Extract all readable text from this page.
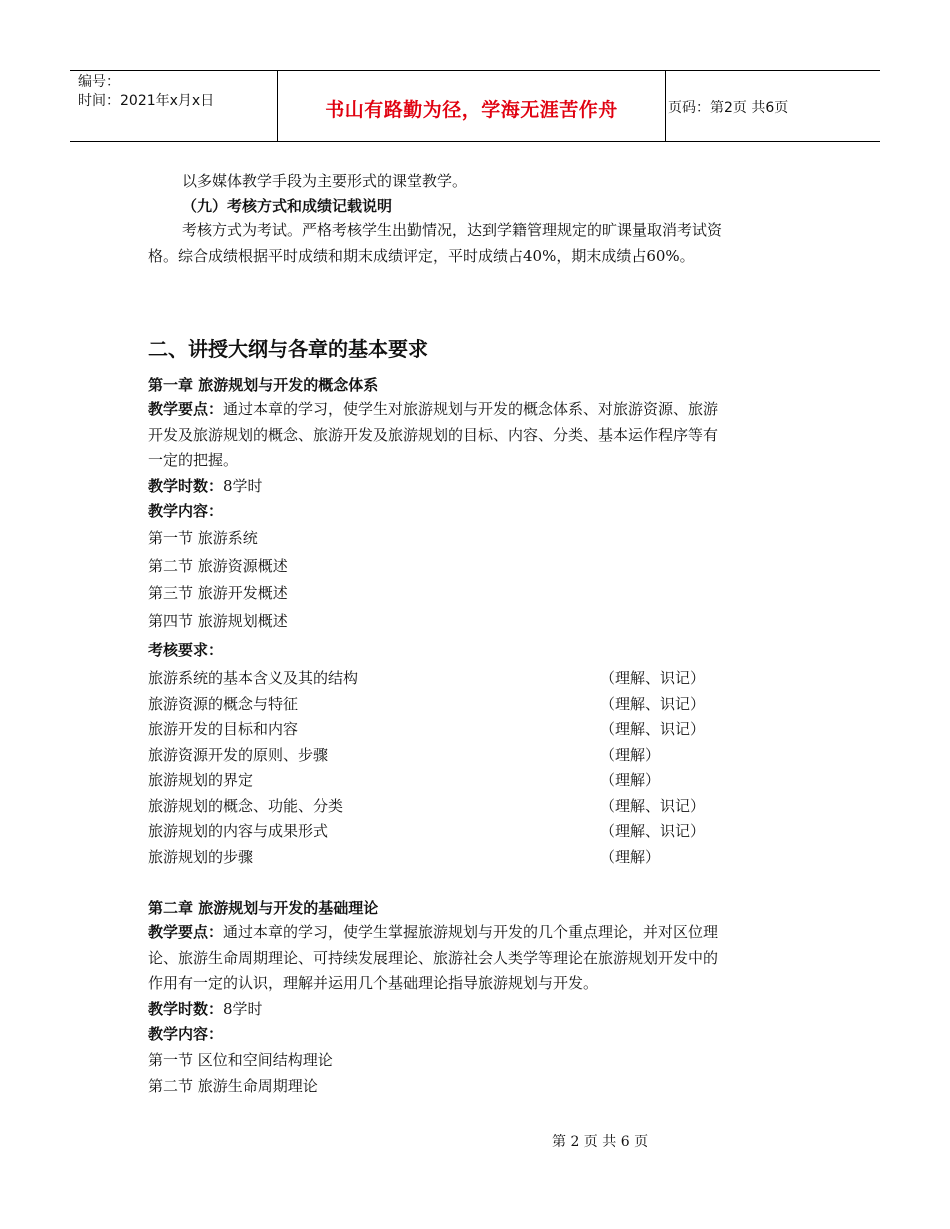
编号：
时间：2021年x月x日	书山有路勤为径，学海无涯苦作舟	页码：第2页 共6页
以多媒体教学手段为主要形式的课堂教学。
（九）考核方式和成绩记载说明
考核方式为考试。严格考核学生出勤情况，达到学籍管理规定的旷课量取消考试资
格。综合成绩根据平时成绩和期末成绩评定，平时成绩占40%，期末成绩占60%。
二、讲授大纲与各章的基本要求
第一章 旅游规划与开发的概念体系
教学要点：通过本章的学习，使学生对旅游规划与开发的概念体系、对旅游资源、旅游
开发及旅游规划的概念、旅游开发及旅游规划的目标、内容、分类、基本运作程序等有
一定的把握。
教学时数：8学时
教学内容：
第一节 旅游系统
第二节 旅游资源概述
第三节 旅游开发概述
第四节 旅游规划概述
考核要求：
旅游系统的基本含义及其的结构	（理解、识记）
旅游资源的概念与特征	（理解、识记）
旅游开发的目标和内容	（理解、识记）
旅游资源开发的原则、步骤	（理解）
旅游规划的界定	（理解）
旅游规划的概念、功能、分类	（理解、识记）
旅游规划的内容与成果形式	（理解、识记）
旅游规划的步骤	（理解）
第二章 旅游规划与开发的基础理论
教学要点：通过本章的学习，使学生掌握旅游规划与开发的几个重点理论，并对区位理
论、旅游生命周期理论、可持续发展理论、旅游社会人类学等理论在旅游规划开发中的
作用有一定的认识，理解并运用几个基础理论指导旅游规划与开发。
教学时数：8学时
教学内容：
第一节 区位和空间结构理论
第二节 旅游生命周期理论
第 2 页 共 6 页
